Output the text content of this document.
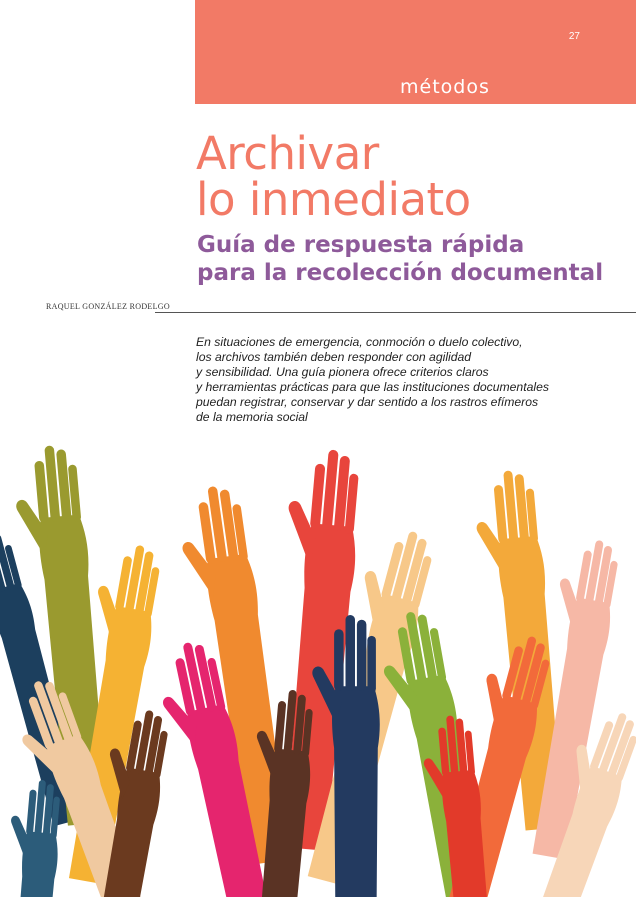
27
métodos
Archivar
lo inmediato
Guía de respuesta rápida
para la recolección documental
RAQUEL GONZÁLEZ RODELGO
En situaciones de emergencia, conmoción o duelo colectivo,
los archivos también deben responder con agilidad
y sensibilidad. Una guía pionera ofrece criterios claros
y herramientas prácticas para que las instituciones documentales
puedan registrar, conservar y dar sentido a los rastros efímeros
de la memoria social
